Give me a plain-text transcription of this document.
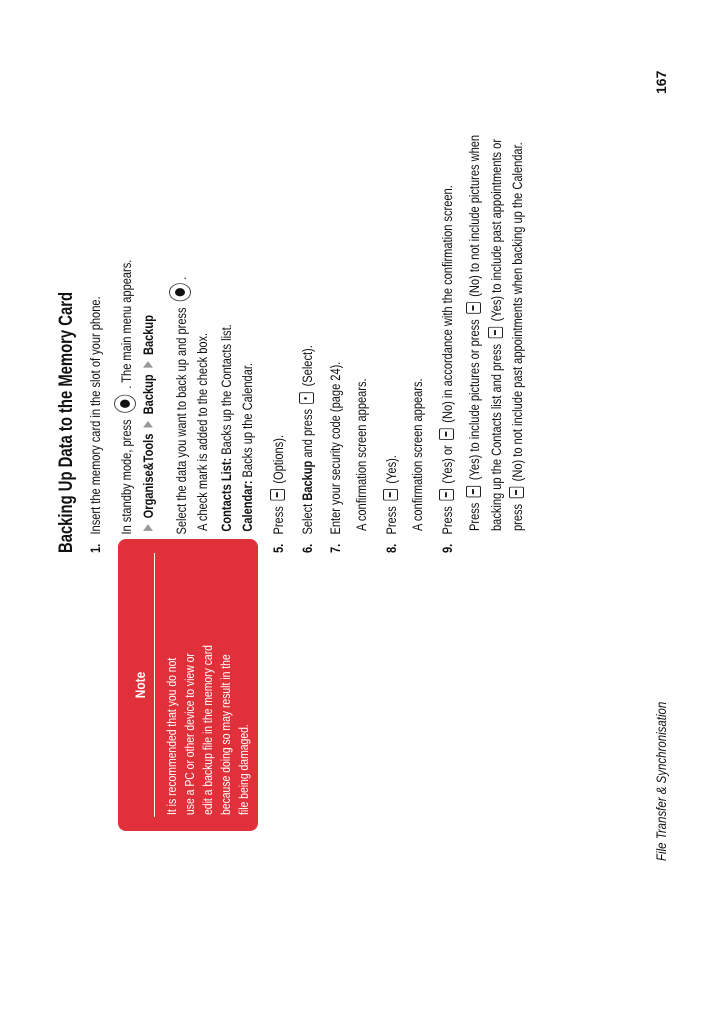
Backing Up Data to the Memory Card 1.   Insert the memory card in the slot of your phone.	In standby mode, press  . The main menu appears.
Organise&Tools  Backup  Backup	Select the data you want to back up and press .
A check mark is added to the check box. Contacts List: Backs up the Contacts list.
Calendar: Backs up the Calendar.
5.   Press  (Options).
6.   Select Backup and press  (Select).
7.   Enter your security code (page 24). A confirmation screen appears.
8.   Press  (Yes). A confirmation screen appears.
9.   Press  (Yes) or  (No) in accordance with the confirmation screen.
Press  (Yes) to include pictures or press  (No) to not include pictures when
backing up the Contacts list and press  (Yes) to include past appointments or
press  (No) to not include past appointments when backing up the Calendar.
Note It is recommended that you do not use a PC or other device to view or edit a backup file in the memory card because doing so may result in the file being damaged.	File Transfer & Synchronisation
167
